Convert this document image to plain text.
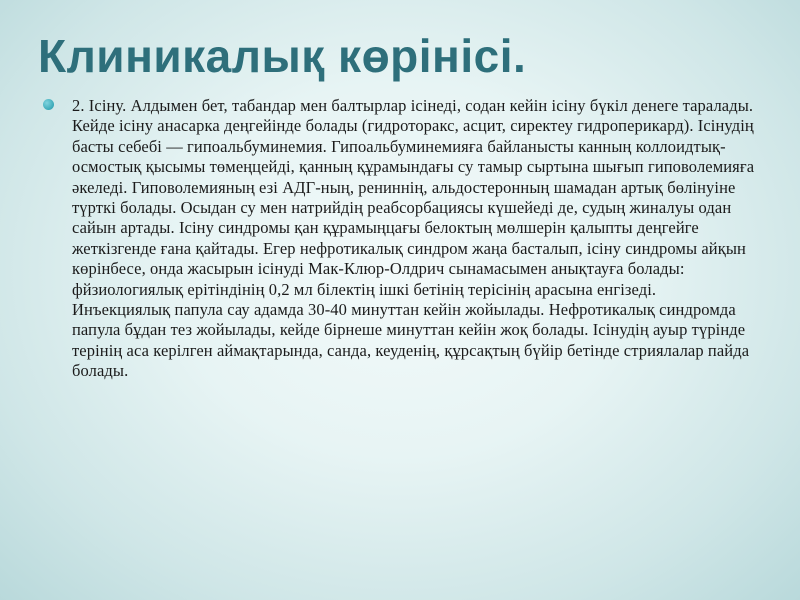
Клиникалық көрінісі.

2. Ісіну. Алдымен бет, табандар мен балтырлар ісінеді, содан кейін ісіну бүкіл денеге таралады. Кейде ісіну анасарка деңгейінде болады (гидроторакс, асцит, сиректеу гидроперикард). Ісінудің басты себебі — гипоальбуминемия. Гипоальбуминемияға байланысты канның коллоидтық-осмостық қысымы төмеңцейді, қанның құрамындағы су тамыр сыртына шығып гиповолемияға әкеледі. Гиповолемияның езі АДГ-ның, рениннің, альдостеронның шамадан артық бөлінуіне түрткі болады. Осыдан су мен натрийдің реабсорбациясы күшейеді де, судың жиналуы одан сайын артады. Ісіну синдромы қан құрамыңцағы белоктың мөлшерін қалыпты деңгейге жеткізгенде ғана қайтады. Егер нефротикалық синдром жаңа басталып, ісіну синдромы айқын көрінбесе, онда жасырын ісінуді Мак-Клюр-Олдрич сынамасымен анықтауға болады: фйзиологиялық ерітіндінің 0,2 мл білектің ішкі бетінің терісінің арасына енгізеді. Инъекциялық папула сау адамда 30-40 минуттан кейін жойылады. Нефротикалық синдромда папула бұдан тез жойылады, кейде бірнеше минуттан кейін жоқ болады. Ісінудің ауыр түрінде терінің аса керілген аймақтарында, санда, кеуденің, құрсақтың бүйір бетінде стриялалар пайда болады.
